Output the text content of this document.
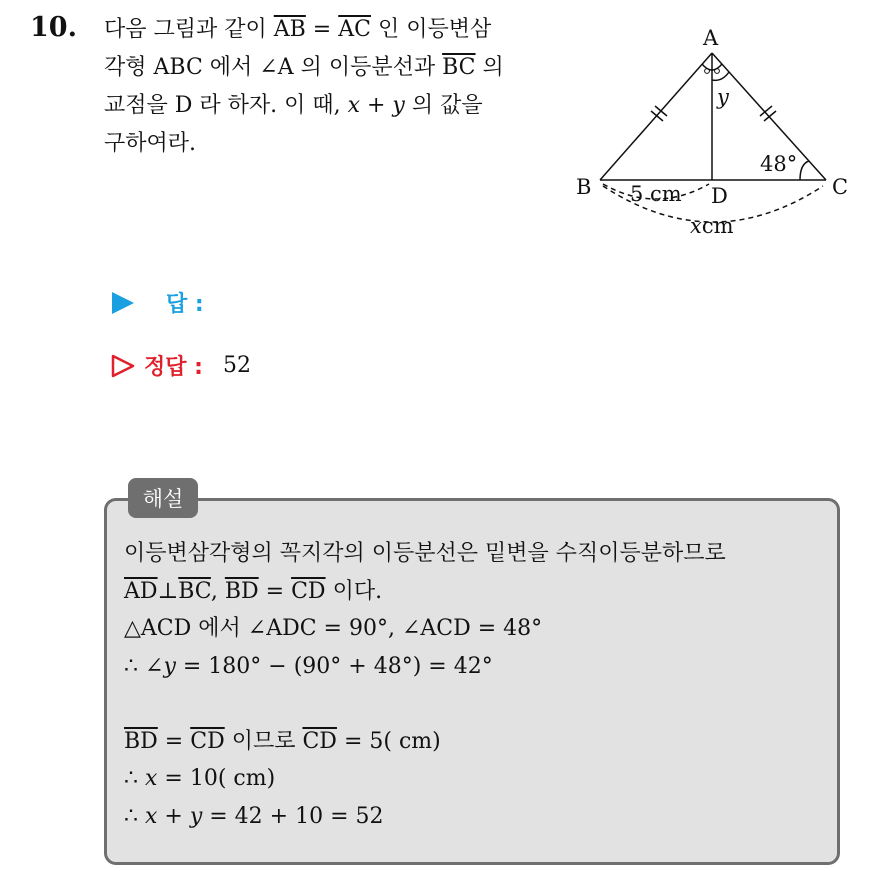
10. 다음 그림과 같이 $\overline{AB} = \overline{AC}$ 인 이등변삼
각형 ABC 에서 ∠A 의 이등분선과 $\overline{BC}$ 의
교점을 D 라 하자. 이 때, x + y 의 값을
구하여라.
A
B	C
D
y
48°
5 cm
xcm
답 :
정답 : 52
해설
이등변삼각형의 꼭지각의 이등분선은 밑변을 수직이등분하므로
$\overline{AD}\perp\overline{BC}$, $\overline{BD} = \overline{CD}$ 이다.
△ACD 에서 ∠ADC = 90°, ∠ACD = 48°
∴ ∠y = 180° − (90° + 48°) = 42°
$\overline{BD} = \overline{CD}$ 이므로 $\overline{CD} = 5$( cm)
∴ x = 10( cm)
∴ x + y = 42 + 10 = 52
